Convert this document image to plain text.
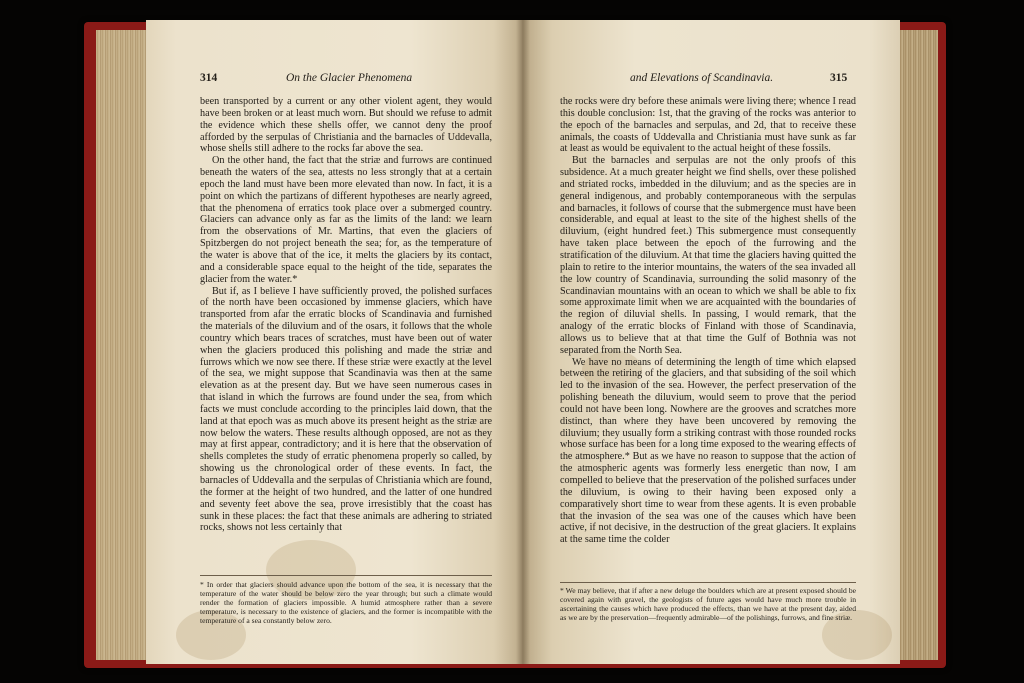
314	On the Glacier Phenomena

been transported by a current or any other violent agent, they would have been broken or at least much worn. But should we refuse to admit the evidence which these shells offer, we cannot deny the proof afforded by the serpulas of Christiania and the barnacles of Uddevalla, whose shells still adhere to the rocks far above the sea.

On the other hand, the fact that the striæ and furrows are continued beneath the waters of the sea, attests no less strongly that at a certain epoch the land must have been more elevated than now. In fact, it is a point on which the partizans of different hypotheses are nearly agreed, that the phenomena of erratics took place over a submerged country. Glaciers can advance only as far as the limits of the land: we learn from the observations of Mr. Martins, that even the glaciers of Spitzbergen do not project beneath the sea; for, as the temperature of the water is above that of the ice, it melts the glaciers by its contact, and a considerable space equal to the height of the tide, separates the glacier from the water.*

But if, as I believe I have sufficiently proved, the polished surfaces of the north have been occasioned by immense glaciers, which have transported from afar the erratic blocks of Scandinavia and furnished the materials of the diluvium and of the osars, it follows that the whole country which bears traces of scratches, must have been out of water when the glaciers produced this polishing and made the striæ and furrows which we now see there. If these striæ were exactly at the level of the sea, we might suppose that Scandinavia was then at the same elevation as at the present day. But we have seen numerous cases in that island in which the furrows are found under the sea, from which facts we must conclude according to the principles laid down, that the land at that epoch was as much above its present height as the striæ are now below the waters. These results although opposed, are not as they may at first appear, contradictory; and it is here that the observation of shells completes the study of erratic phenomena properly so called, by showing us the chronological order of these events. In fact, the barnacles of Uddevalla and the serpulas of Christiania which are found, the former at the height of two hundred, and the latter of one hundred and seventy feet above the sea, prove irresistibly that the coast has sunk in these places: the fact that these animals are adhering to striated rocks, shows not less certainly that

* In order that glaciers should advance upon the bottom of the sea, it is necessary that the temperature of the water should be below zero the year through; but such a climate would render the formation of glaciers impossible. A humid atmosphere rather than a severe temperature, is necessary to the existence of glaciers, and the former is incompatible with the temperature of a sea constantly below zero.
and Elevations of Scandinavia.	315

the rocks were dry before these animals were living there; whence I read this double conclusion: 1st, that the graving of the rocks was anterior to the epoch of the barnacles and serpulas, and 2d, that to receive these animals, the coasts of Uddevalla and Christiania must have sunk as far at least as would be equivalent to the actual height of these fossils.

But the barnacles and serpulas are not the only proofs of this subsidence. At a much greater height we find shells, over these polished and striated rocks, imbedded in the diluvium; and as the species are in general indigenous, and probably contemporaneous with the serpulas and barnacles, it follows of course that the submergence must have been considerable, and equal at least to the site of the highest shells of the diluvium, (eight hundred feet.) This submergence must consequently have taken place between the epoch of the furrowing and the stratification of the diluvium. At that time the glaciers having quitted the plain to retire to the interior mountains, the waters of the sea invaded all the low country of Scandinavia, surrounding the solid masonry of the Scandinavian mountains with an ocean to which we shall be able to fix some approximate limit when we are acquainted with the boundaries of the region of diluvial shells. In passing, I would remark, that the analogy of the erratic blocks of Finland with those of Scandinavia, allows us to believe that at that time the Gulf of Bothnia was not separated from the North Sea.

We have no means of determining the length of time which elapsed between the retiring of the glaciers, and that subsiding of the soil which led to the invasion of the sea. However, the perfect preservation of the polishing beneath the diluvium, would seem to prove that the period could not have been long. Nowhere are the grooves and scratches more distinct, than where they have been uncovered by removing the diluvium; they usually form a striking contrast with those rounded rocks whose surface has been for a long time exposed to the wearing effects of the atmosphere.* But as we have no reason to suppose that the action of the atmospheric agents was formerly less energetic than now, I am compelled to believe that the preservation of the polished surfaces under the diluvium, is owing to their having been exposed only a comparatively short time to wear from these agents. It is even probable that the invasion of the sea was one of the causes which have been active, if not decisive, in the destruction of the great glaciers. It explains at the same time the colder

* We may believe, that if after a new deluge the boulders which are at present exposed should be covered again with gravel, the geologists of future ages would have much more trouble in ascertaining the causes which have produced the effects, than we have at the present day, aided as we are by the preservation—frequently admirable—of the polishings, furrows, and fine striæ.
